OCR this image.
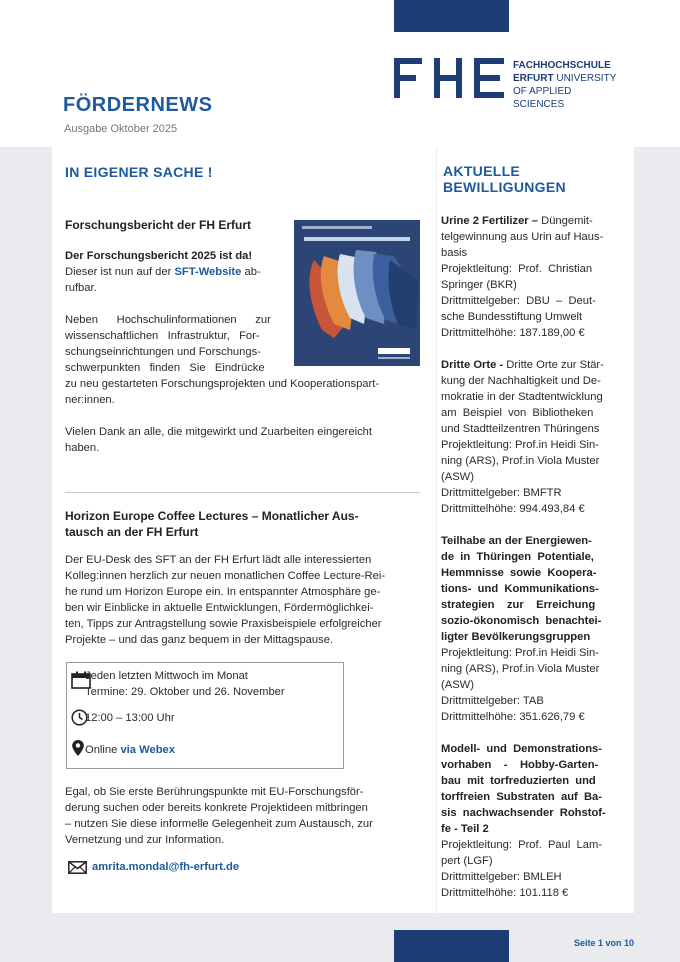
FACHHOCHSCHULE
ERFURT UNIVERSITY
OF APPLIED SCIENCES
FÖRDERNEWS
Ausgabe Oktober 2025
IN EIGENER SACHE !
Forschungsbericht der FH Erfurt
Der Forschungsbericht 2025 ist da!
Dieser ist nun auf der SFT-Website ab-
rufbar.
Neben      Hochschulinformationen      zur
wissenschaftlichen   Infrastruktur,   For-
schungseinrichtungen und Forschungs-
schwerpunkten   finden   Sie   Eindrücke
zu neu gestarteten Forschungsprojekten und Kooperationspart-
ner:innen.
Vielen Dank an alle, die mitgewirkt und Zuarbeiten eingereicht
haben.
Horizon Europe Coffee Lectures – Monatlicher Aus-
tausch an der FH Erfurt
Der EU-Desk des SFT an der FH Erfurt lädt alle interessierten
Kolleg:innen herzlich zur neuen monatlichen Coffee Lecture-Rei-
he rund um Horizon Europe ein. In entspannter Atmosphäre ge-
ben wir Einblicke in aktuelle Entwicklungen, Fördermöglichkei-
ten, Tipps zur Antragstellung sowie Praxisbeispiele erfolgreicher
Projekte – und das ganz bequem in der Mittagspause.
Jeden letzten Mittwoch im Monat
Termine: 29. Oktober und 26. November
12:00 – 13:00 Uhr
Online via Webex
Egal, ob Sie erste Berührungspunkte mit EU-Forschungsför-
derung suchen oder bereits konkrete Projektideen mitbringen
– nutzen Sie diese informelle Gelegenheit zum Austausch, zur
Vernetzung und zur Information.
amrita.mondal@fh-erfurt.de
AKTUELLE
BEWILLIGUNGEN
Urine 2 Fertilizer – Düngemit-
telgewinnung aus Urin auf Haus-
basis
Projektleitung:  Prof.  Christian
Springer (BKR)
Drittmittelgeber:  DBU  –  Deut-
sche Bundesstiftung Umwelt
Drittmittelhöhe: 187.189,00 €
Dritte Orte - Dritte Orte zur Stär-
kung der Nachhaltigkeit und De-
mokratie in der Stadtentwicklung
am  Beispiel  von  Bibliotheken
und Stadtteilzentren Thüringens
Projektleitung: Prof.in Heidi Sin-
ning (ARS), Prof.in Viola Muster
(ASW)
Drittmittelgeber: BMFTR
Drittmittelhöhe: 994.493,84 €
Teilhabe an der Energiewen-
de  in  Thüringen  Potentiale,
Hemmnisse  sowie  Koopera-
tions-  und  Kommunikations-
strategien    zur    Erreichung
sozio-ökonomisch  benachtei-
ligter Bevölkerungsgruppen
Projektleitung: Prof.in Heidi Sin-
ning (ARS), Prof.in Viola Muster
(ASW)
Drittmittelgeber: TAB
Drittmittelhöhe: 351.626,79 €
Modell-  und  Demonstrations-
vorhaben    -    Hobby-Garten-
bau  mit  torfreduzierten  und
torffreien  Substraten  auf  Ba-
sis  nachwachsender  Rohstof-
fe - Teil 2
Projektleitung:  Prof.  Paul  Lam-
pert (LGF)
Drittmittelgeber: BMLEH
Drittmittelhöhe: 101.118 €
Seite 1 von 10
